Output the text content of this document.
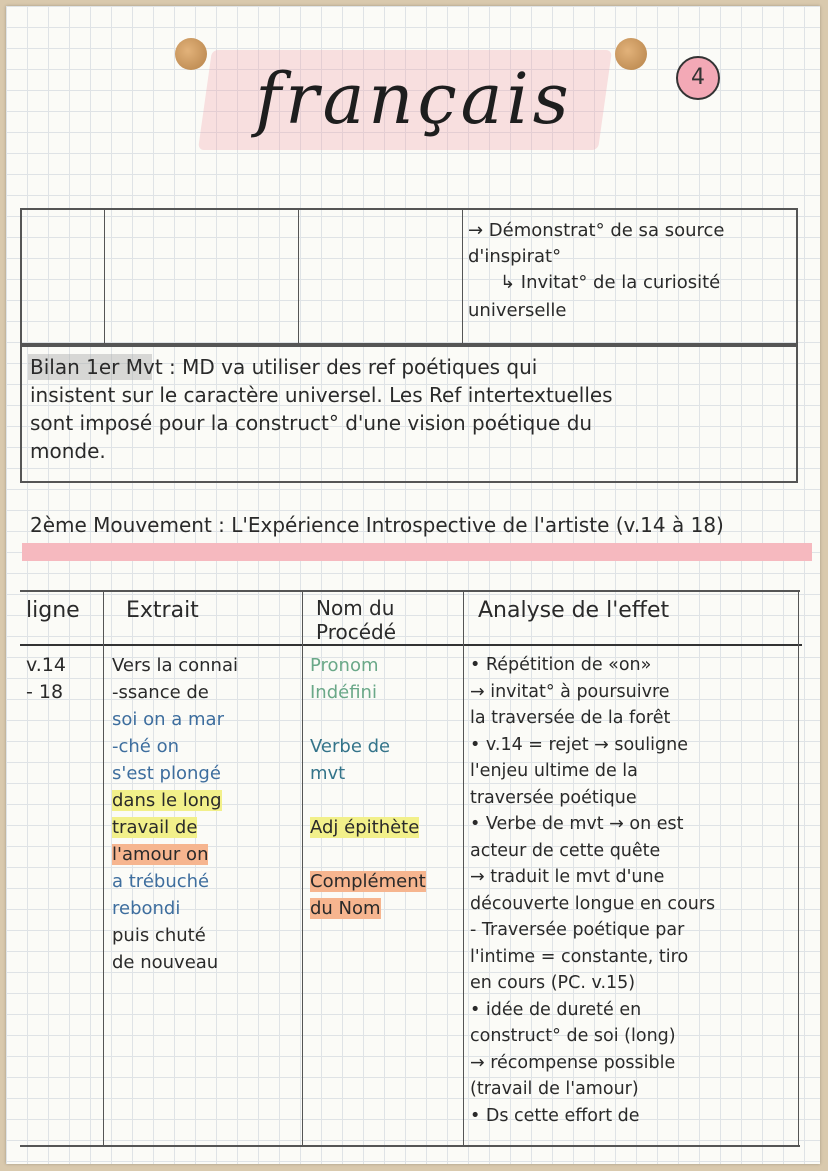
français	4
→ Démonstrat° de sa source
d'inspirat°
↳ Invitat° de la curiosité
universelle
Bilan 1er Mvt : MD va utiliser des ref poétiques qui
insistent sur le caractère universel. Les Ref intertextuelles
sont imposé pour la construct° d'une vision poétique du
monde.
2ème Mouvement : L'Expérience Introspective de l'artiste (v.14 à 18)
ligne Extrait	Nom du Procédé
Analyse de l'effet
v.14
- 18
Vers la connai
-ssance de
soi on a mar
-ché on
s'est plongé
dans le long
travail de
l'amour on
a trébuché
rebondi
puis chuté
de nouveau
Pronom
Indéfini
Verbe de
mvt
Adj épithète
Complément
du Nom
• Répétition de «on»
→ invitat° à poursuivre
la traversée de la forêt
• v.14 = rejet → souligne
l'enjeu ultime de la
traversée poétique
• Verbe de mvt → on est
acteur de cette quête
→ traduit le mvt d'une
découverte longue en cours
- Traversée poétique par
l'intime = constante, tiro
en cours (PC. v.15)
• idée de dureté en
construct° de soi (long)
→ récompense possible
(travail de l'amour)
• Ds cette effort de
